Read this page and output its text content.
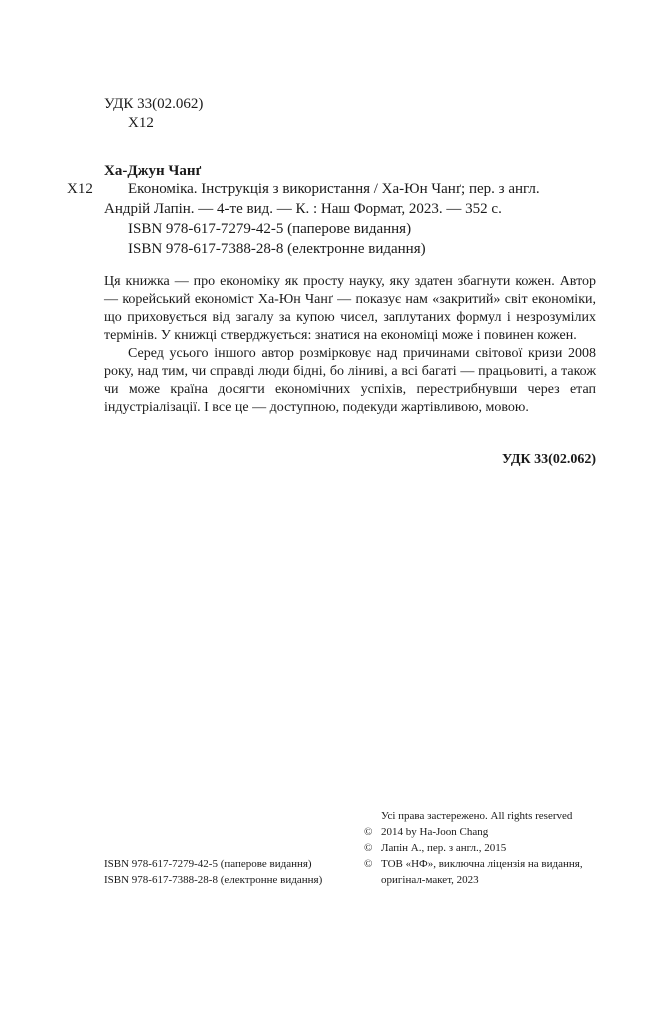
УДК 33(02.062)
Х12
Ха-Джун Чанґ
Х12 Економіка. Інструкція з використання / Ха-Юн Чанґ; пер. з англ.
Андрій Лапін. — 4-те вид. — К. : Наш Формат, 2023. — 352 с.
ISBN 978-617-7279-42-5 (паперове видання)
ISBN 978-617-7388-28-8 (електронне видання)

Ця книжка — про економіку як просту науку, яку здатен збагнути кожен. Автор — корейський економіст Ха-Юн Чанґ — показує нам «закритий» світ економіки, що приховується від загалу за купою чисел, заплутаних формул і незрозумілих термінів. У книжці стверджується: знатися на економіці може і повинен кожен.

Серед усього іншого автор розмірковує над причинами світової кризи 2008 року, над тим, чи справді люди бідні, бо ліниві, а всі багаті — працьовиті, а також чи може країна досягти економічних успіхів, перестрибнувши через етап індустріалізації. І все це — доступною, подекуди жартівливою, мовою.

УДК 33(02.062)
Усі права застережено. All rights reserved
© 2014 by Ha-Joon Chang
© Лапін А., пер. з англ., 2015
© ТОВ «НФ», виключна ліцензія на видання,
оригінал-макет, 2023
ISBN 978-617-7279-42-5 (паперове видання)
ISBN 978-617-7388-28-8 (електронне видання)
